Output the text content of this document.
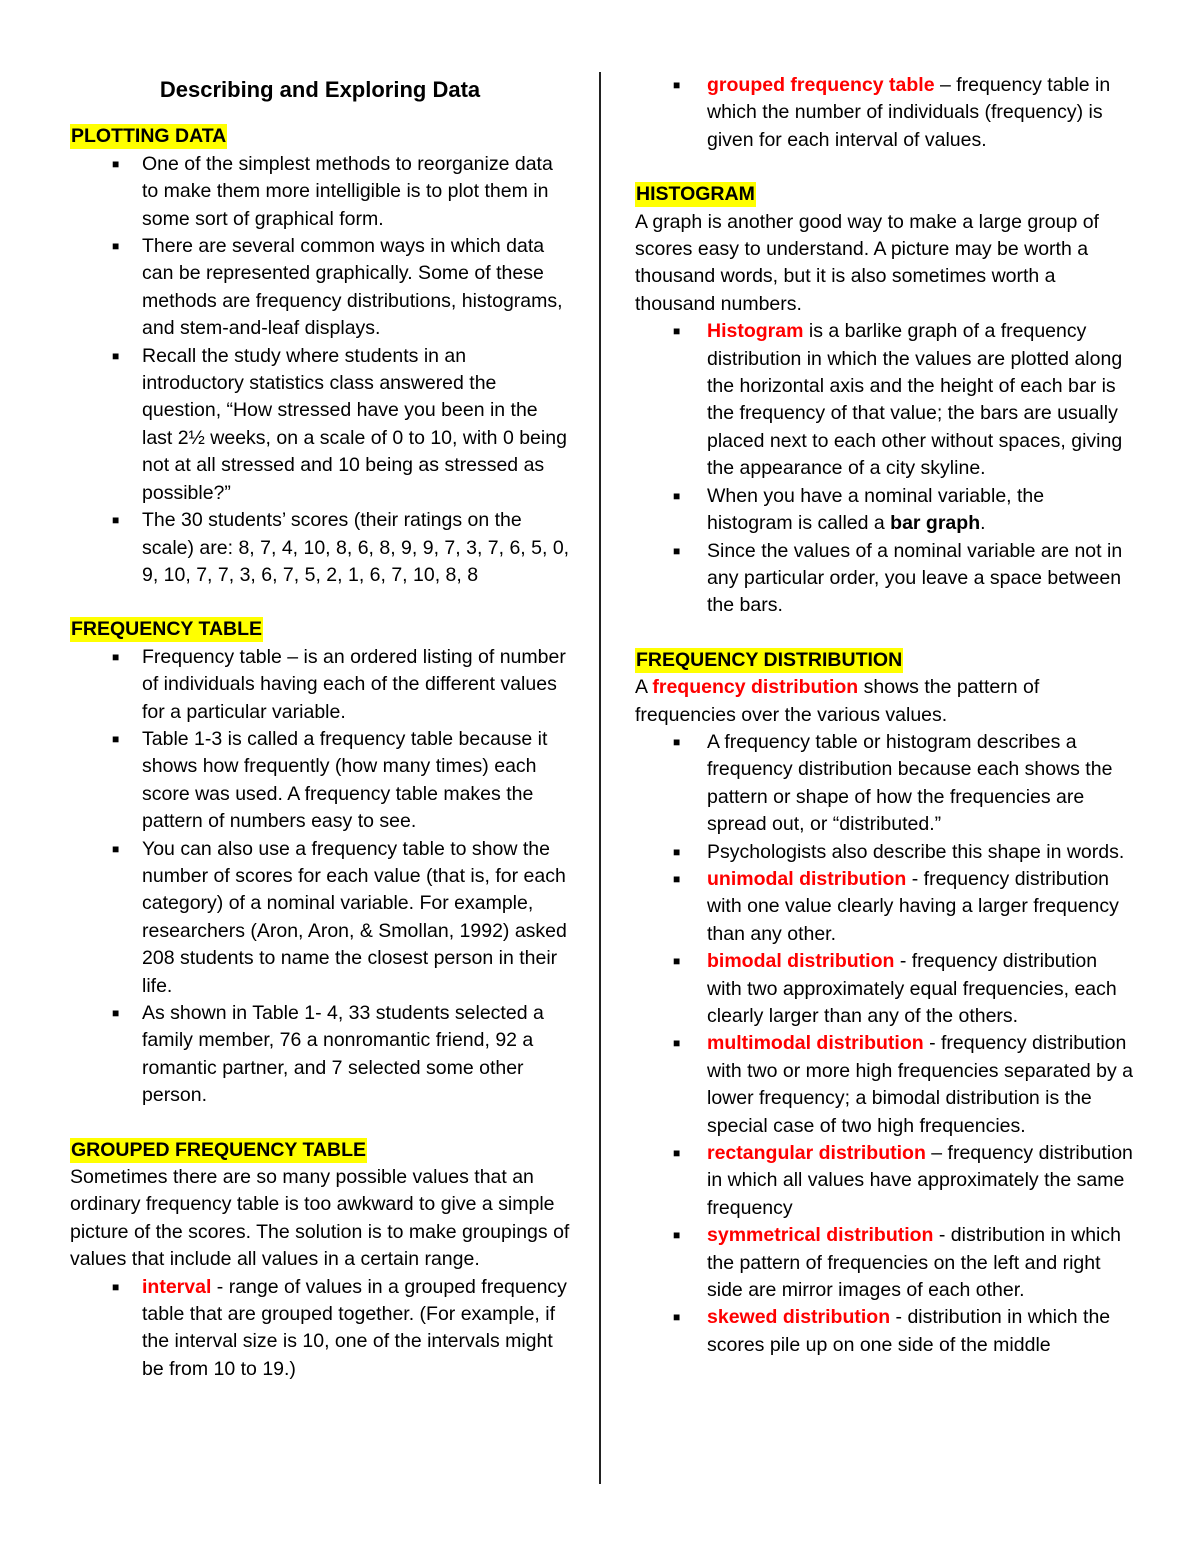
Describing and Exploring Data
PLOTTING DATA
■ One of the simplest methods to reorganize data to make them more intelligible is to plot them in some sort of graphical form.
■ There are several common ways in which data can be represented graphically. Some of these methods are frequency distributions, histograms, and stem-and-leaf displays.
■ Recall the study where students in an introductory statistics class answered the question, “How stressed have you been in the last 2½ weeks, on a scale of 0 to 10, with 0 being not at all stressed and 10 being as stressed as possible?”
■ The 30 students’ scores (their ratings on the scale) are: 8, 7, 4, 10, 8, 6, 8, 9, 9, 7, 3, 7, 6, 5, 0, 9, 10, 7, 7, 3, 6, 7, 5, 2, 1, 6, 7, 10, 8, 8
FREQUENCY TABLE
■ Frequency table – is an ordered listing of number of individuals having each of the different values for a particular variable.
■ Table 1-3 is called a frequency table because it shows how frequently (how many times) each score was used. A frequency table makes the pattern of numbers easy to see.
■ You can also use a frequency table to show the number of scores for each value (that is, for each category) of a nominal variable. For example, researchers (Aron, Aron, & Smollan, 1992) asked 208 students to name the closest person in their life.
■ As shown in Table 1- 4, 33 students selected a family member, 76 a nonromantic friend, 92 a romantic partner, and 7 selected some other person.
GROUPED FREQUENCY TABLE

Sometimes there are so many possible values that an ordinary frequency table is too awkward to give a simple picture of the scores. The solution is to make groupings of values that include all values in a certain range.

■ interval - range of values in a grouped frequency table that are grouped together. (For example, if the interval size is 10, one of the intervals might be from 10 to 19.)
■ grouped frequency table – frequency table in which the number of individuals (frequency) is given for each interval of values.
HISTOGRAM

A graph is another good way to make a large group of scores easy to understand. A picture may be worth a thousand words, but it is also sometimes worth a thousand numbers.

■ Histogram is a barlike graph of a frequency distribution in which the values are plotted along the horizontal axis and the height of each bar is the frequency of that value; the bars are usually placed next to each other without spaces, giving the appearance of a city skyline.
■ When you have a nominal variable, the histogram is called a bar graph.
■ Since the values of a nominal variable are not in any particular order, you leave a space between the bars.
FREQUENCY DISTRIBUTION

A frequency distribution shows the pattern of frequencies over the various values.

■ A frequency table or histogram describes a frequency distribution because each shows the pattern or shape of how the frequencies are spread out, or “distributed.”
■ Psychologists also describe this shape in words.
■ unimodal distribution - frequency distribution with one value clearly having a larger frequency than any other.
■ bimodal distribution - frequency distribution with two approximately equal frequencies, each clearly larger than any of the others.
■ multimodal distribution - frequency distribution with two or more high frequencies separated by a lower frequency; a bimodal distribution is the special case of two high frequencies.
■ rectangular distribution – frequency distribution in which all values have approximately the same frequency
■ symmetrical distribution - distribution in which the pattern of frequencies on the left and right side are mirror images of each other.
■ skewed distribution - distribution in which the scores pile up on one side of the middle
